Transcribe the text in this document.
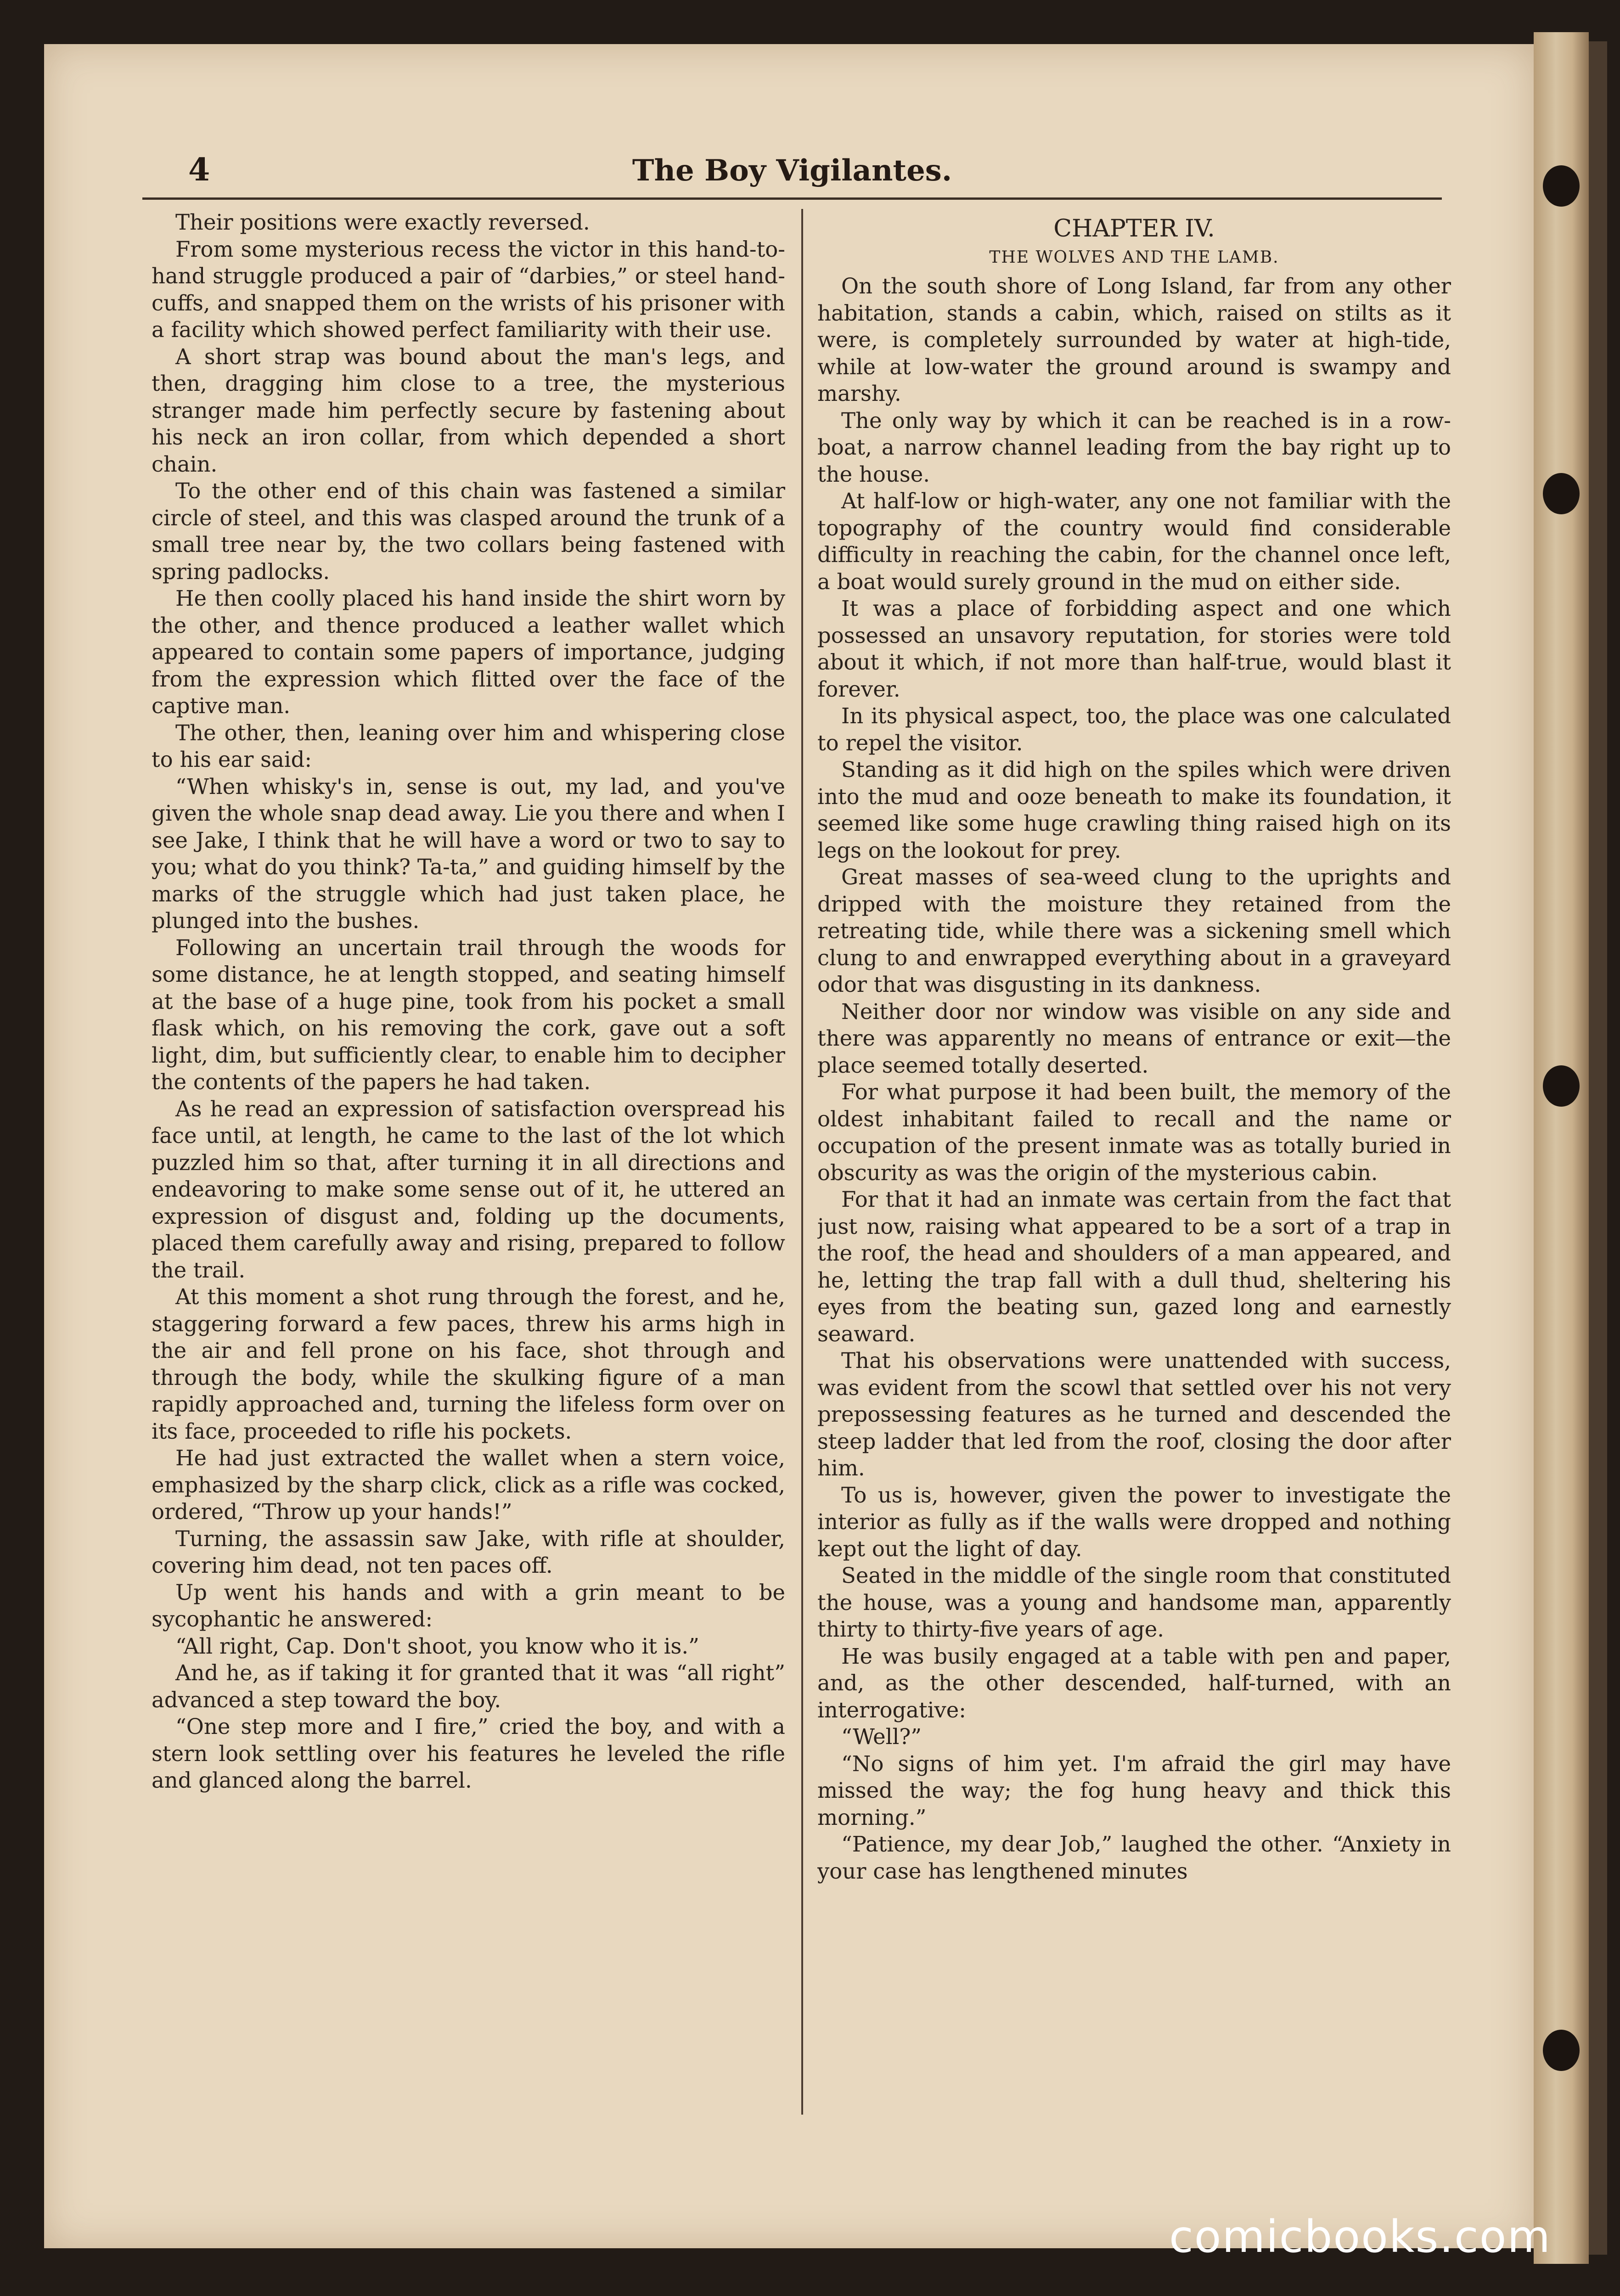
4	The Boy Vigilantes.

Their positions were exactly reversed.

From some mysterious recess the victor in this hand-to-hand struggle produced a pair of “darbies,” or steel hand-cuffs, and snapped them on the wrists of his prisoner with a facility which showed perfect familiarity with their use.

A short strap was bound about the man's legs, and then, dragging him close to a tree, the mysterious stranger made him perfectly secure by fastening about his neck an iron collar, from which depended a short chain.

To the other end of this chain was fastened a similar circle of steel, and this was clasped around the trunk of a small tree near by, the two collars being fastened with spring padlocks.

He then coolly placed his hand inside the shirt worn by the other, and thence produced a leather wallet which appeared to contain some papers of importance, judging from the expression which flitted over the face of the captive man.

The other, then, leaning over him and whispering close to his ear said:

“When whisky's in, sense is out, my lad, and you've given the whole snap dead away. Lie you there and when I see Jake, I think that he will have a word or two to say to you; what do you think? Ta-ta,” and guiding himself by the marks of the struggle which had just taken place, he plunged into the bushes.

Following an uncertain trail through the woods for some distance, he at length stopped, and seating himself at the base of a huge pine, took from his pocket a small flask which, on his removing the cork, gave out a soft light, dim, but sufficiently clear, to enable him to decipher the contents of the papers he had taken.

As he read an expression of satisfaction overspread his face until, at length, he came to the last of the lot which puzzled him so that, after turning it in all directions and endeavoring to make some sense out of it, he uttered an expression of disgust and, folding up the documents, placed them carefully away and rising, prepared to follow the trail.

At this moment a shot rung through the forest, and he, staggering forward a few paces, threw his arms high in the air and fell prone on his face, shot through and through the body, while the skulking figure of a man rapidly approached and, turning the lifeless form over on its face, proceeded to rifle his pockets.

He had just extracted the wallet when a stern voice, emphasized by the sharp click, click as a rifle was cocked, ordered, “Throw up your hands!”

Turning, the assassin saw Jake, with rifle at shoulder, covering him dead, not ten paces off.

Up went his hands and with a grin meant to be sycophantic he answered:

“All right, Cap. Don't shoot, you know who it is.”

And he, as if taking it for granted that it was “all right” advanced a step toward the boy.

“One step more and I fire,” cried the boy, and with a stern look settling over his features he leveled the rifle and glanced along the barrel.

CHAPTER IV.
THE WOLVES AND THE LAMB.

On the south shore of Long Island, far from any other habitation, stands a cabin, which, raised on stilts as it were, is completely surrounded by water at high-tide, while at low-water the ground around is swampy and marshy.

The only way by which it can be reached is in a row-boat, a narrow channel leading from the bay right up to the house.

At half-low or high-water, any one not familiar with the topography of the country would find considerable difficulty in reaching the cabin, for the channel once left, a boat would surely ground in the mud on either side.

It was a place of forbidding aspect and one which possessed an unsavory reputation, for stories were told about it which, if not more than half-true, would blast it forever.

In its physical aspect, too, the place was one calculated to repel the visitor.

Standing as it did high on the spiles which were driven into the mud and ooze beneath to make its foundation, it seemed like some huge crawling thing raised high on its legs on the lookout for prey.

Great masses of sea-weed clung to the uprights and dripped with the moisture they retained from the retreating tide, while there was a sickening smell which clung to and enwrapped everything about in a graveyard odor that was disgusting in its dankness.

Neither door nor window was visible on any side and there was apparently no means of entrance or exit—the place seemed totally deserted.

For what purpose it had been built, the memory of the oldest inhabitant failed to recall and the name or occupation of the present inmate was as totally buried in obscurity as was the origin of the mysterious cabin.

For that it had an inmate was certain from the fact that just now, raising what appeared to be a sort of a trap in the roof, the head and shoulders of a man appeared, and he, letting the trap fall with a dull thud, sheltering his eyes from the beating sun, gazed long and earnestly seaward.

That his observations were unattended with success, was evident from the scowl that settled over his not very prepossessing features as he turned and descended the steep ladder that led from the roof, closing the door after him.

To us is, however, given the power to investigate the interior as fully as if the walls were dropped and nothing kept out the light of day.

Seated in the middle of the single room that constituted the house, was a young and handsome man, apparently thirty to thirty-five years of age.

He was busily engaged at a table with pen and paper, and, as the other descended, half-turned, with an interrogative:

“Well?”

“No signs of him yet. I'm afraid the girl may have missed the way; the fog hung heavy and thick this morning.”

“Patience, my dear Job,” laughed the other. “Anxiety in your case has lengthened minutes

comicbooks.com
